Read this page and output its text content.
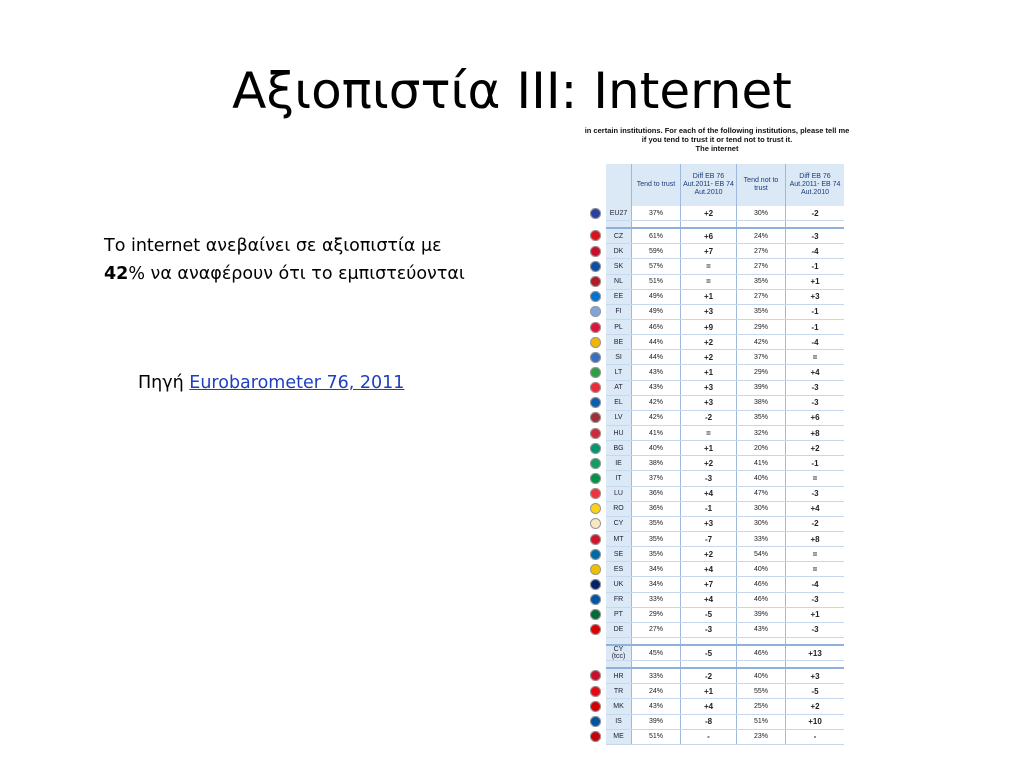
Αξιοπιστία ΙΙΙ: Internet
Το internet ανεβαίνει σε αξιοπιστία με
42% να αναφέρουν ότι το εμπιστεύονται
Πηγή Eurobarometer 76, 2011
in certain institutions. For each of the following institutions, please tell me
if you tend to trust it or tend not to trust it.
The internet
		Tend to trust	Diff EB 76 Aut.2011- EB 74 Aut.2010	Tend not to trust	Diff EB 76 Aut.2011- EB 74 Aut.2010
	EU27	37%	+2	30%	-2

	CZ	61%	+6	24%	-3
	DK	59%	+7	27%	-4
	SK	57%	=	27%	-1
	NL	51%	=	35%	+1
	EE	49%	+1	27%	+3
	FI	49%	+3	35%	-1
	PL	46%	+9	29%	-1
	BE	44%	+2	42%	-4
	SI	44%	+2	37%	=
	LT	43%	+1	29%	+4
	AT	43%	+3	39%	-3
	EL	42%	+3	38%	-3
	LV	42%	-2	35%	+6
	HU	41%	=	32%	+8
	BG	40%	+1	20%	+2
	IE	38%	+2	41%	-1
	IT	37%	-3	40%	=
	LU	36%	+4	47%	-3
	RO	36%	-1	30%	+4
	CY	35%	+3	30%	-2
	MT	35%	-7	33%	+8
	SE	35%	+2	54%	=
	ES	34%	+4	40%	=
	UK	34%	+7	46%	-4
	FR	33%	+4	46%	-3
	PT	29%	-5	39%	+1
	DE	27%	-3	43%	-3

	CY (tcc)	45%	-5	46%	+13

	HR	33%	-2	40%	+3
	TR	24%	+1	55%	-5
	MK	43%	+4	25%	+2
	IS	39%	-8	51%	+10
	ME	51%	-	23%	-
